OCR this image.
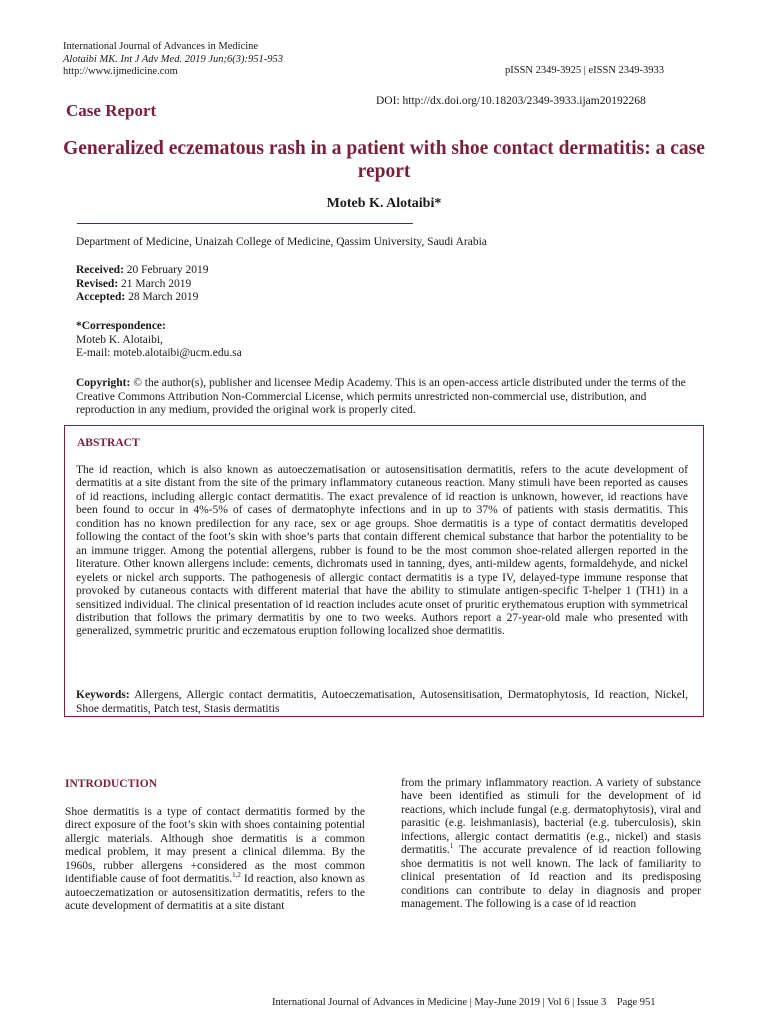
International Journal of Advances in Medicine
Alotaibi MK. Int J Adv Med. 2019 Jun;6(3):951-953
http://www.ijmedicine.com	pISSN 2349-3925 | eISSN 2349-3933
DOI: http://dx.doi.org/10.18203/2349-3933.ijam20192268
Case Report
Generalized eczematous rash in a patient with shoe contact dermatitis: a case report
Moteb K. Alotaibi*
Department of Medicine, Unaizah College of Medicine, Qassim University, Saudi Arabia
Received: 20 February 2019
Revised: 21 March 2019
Accepted: 28 March 2019
*Correspondence:
Moteb K. Alotaibi,
E-mail: moteb.alotaibi@ucm.edu.sa
Copyright: © the author(s), publisher and licensee Medip Academy. This is an open-access article distributed under the terms of the Creative Commons Attribution Non-Commercial License, which permits unrestricted non-commercial use, distribution, and reproduction in any medium, provided the original work is properly cited.
ABSTRACT
The id reaction, which is also known as autoeczematisation or autosensitisation dermatitis, refers to the acute development of dermatitis at a site distant from the site of the primary inflammatory cutaneous reaction. Many stimuli have been reported as causes of id reactions, including allergic contact dermatitis. The exact prevalence of id reaction is unknown, however, id reactions have been found to occur in 4%-5% of cases of dermatophyte infections and in up to 37% of patients with stasis dermatitis. This condition has no known predilection for any race, sex or age groups. Shoe dermatitis is a type of contact dermatitis developed following the contact of the foot’s skin with shoe’s parts that contain different chemical substance that harbor the potentiality to be an immune trigger. Among the potential allergens, rubber is found to be the most common shoe-related allergen reported in the literature. Other known allergens include: cements, dichromats used in tanning, dyes, anti-mildew agents, formaldehyde, and nickel eyelets or nickel arch supports. The pathogenesis of allergic contact dermatitis is a type IV, delayed-type immune response that provoked by cutaneous contacts with different material that have the ability to stimulate antigen-specific T-helper 1 (TH1) in a sensitized individual. The clinical presentation of id reaction includes acute onset of pruritic erythematous eruption with symmetrical distribution that follows the primary dermatitis by one to two weeks. Authors report a 27-year-old male who presented with generalized, symmetric pruritic and eczematous eruption following localized shoe dermatitis.
Keywords: Allergens, Allergic contact dermatitis, Autoeczematisation, Autosensitisation, Dermatophytosis, Id reaction, Nickel, Shoe dermatitis, Patch test, Stasis dermatitis
INTRODUCTION
Shoe dermatitis is a type of contact dermatitis formed by the direct exposure of the foot’s skin with shoes containing potential allergic materials. Although shoe dermatitis is a common medical problem, it may present a clinical dilemma. By the 1960s, rubber allergens +considered as the most common identifiable cause of foot dermatitis.$^{1,2}$ Id reaction, also known as autoeczematization or autosensitization dermatitis, refers to the acute development of dermatitis at a site distant
from the primary inflammatory reaction. A variety of substance have been identified as stimuli for the development of id reactions, which include fungal (e.g. dermatophytosis), viral and parasitic (e.g. leishmaniasis), bacterial (e.g. tuberculosis), skin infections, allergic contact dermatitis (e.g., nickel) and stasis dermatitis.$^1$ The accurate prevalence of id reaction following shoe dermatitis is not well known. The lack of familiarity to clinical presentation of Id reaction and its predisposing conditions can contribute to delay in diagnosis and proper management. The following is a case of id reaction
International Journal of Advances in Medicine | May-June 2019 | Vol 6 | Issue 3    Page 951
